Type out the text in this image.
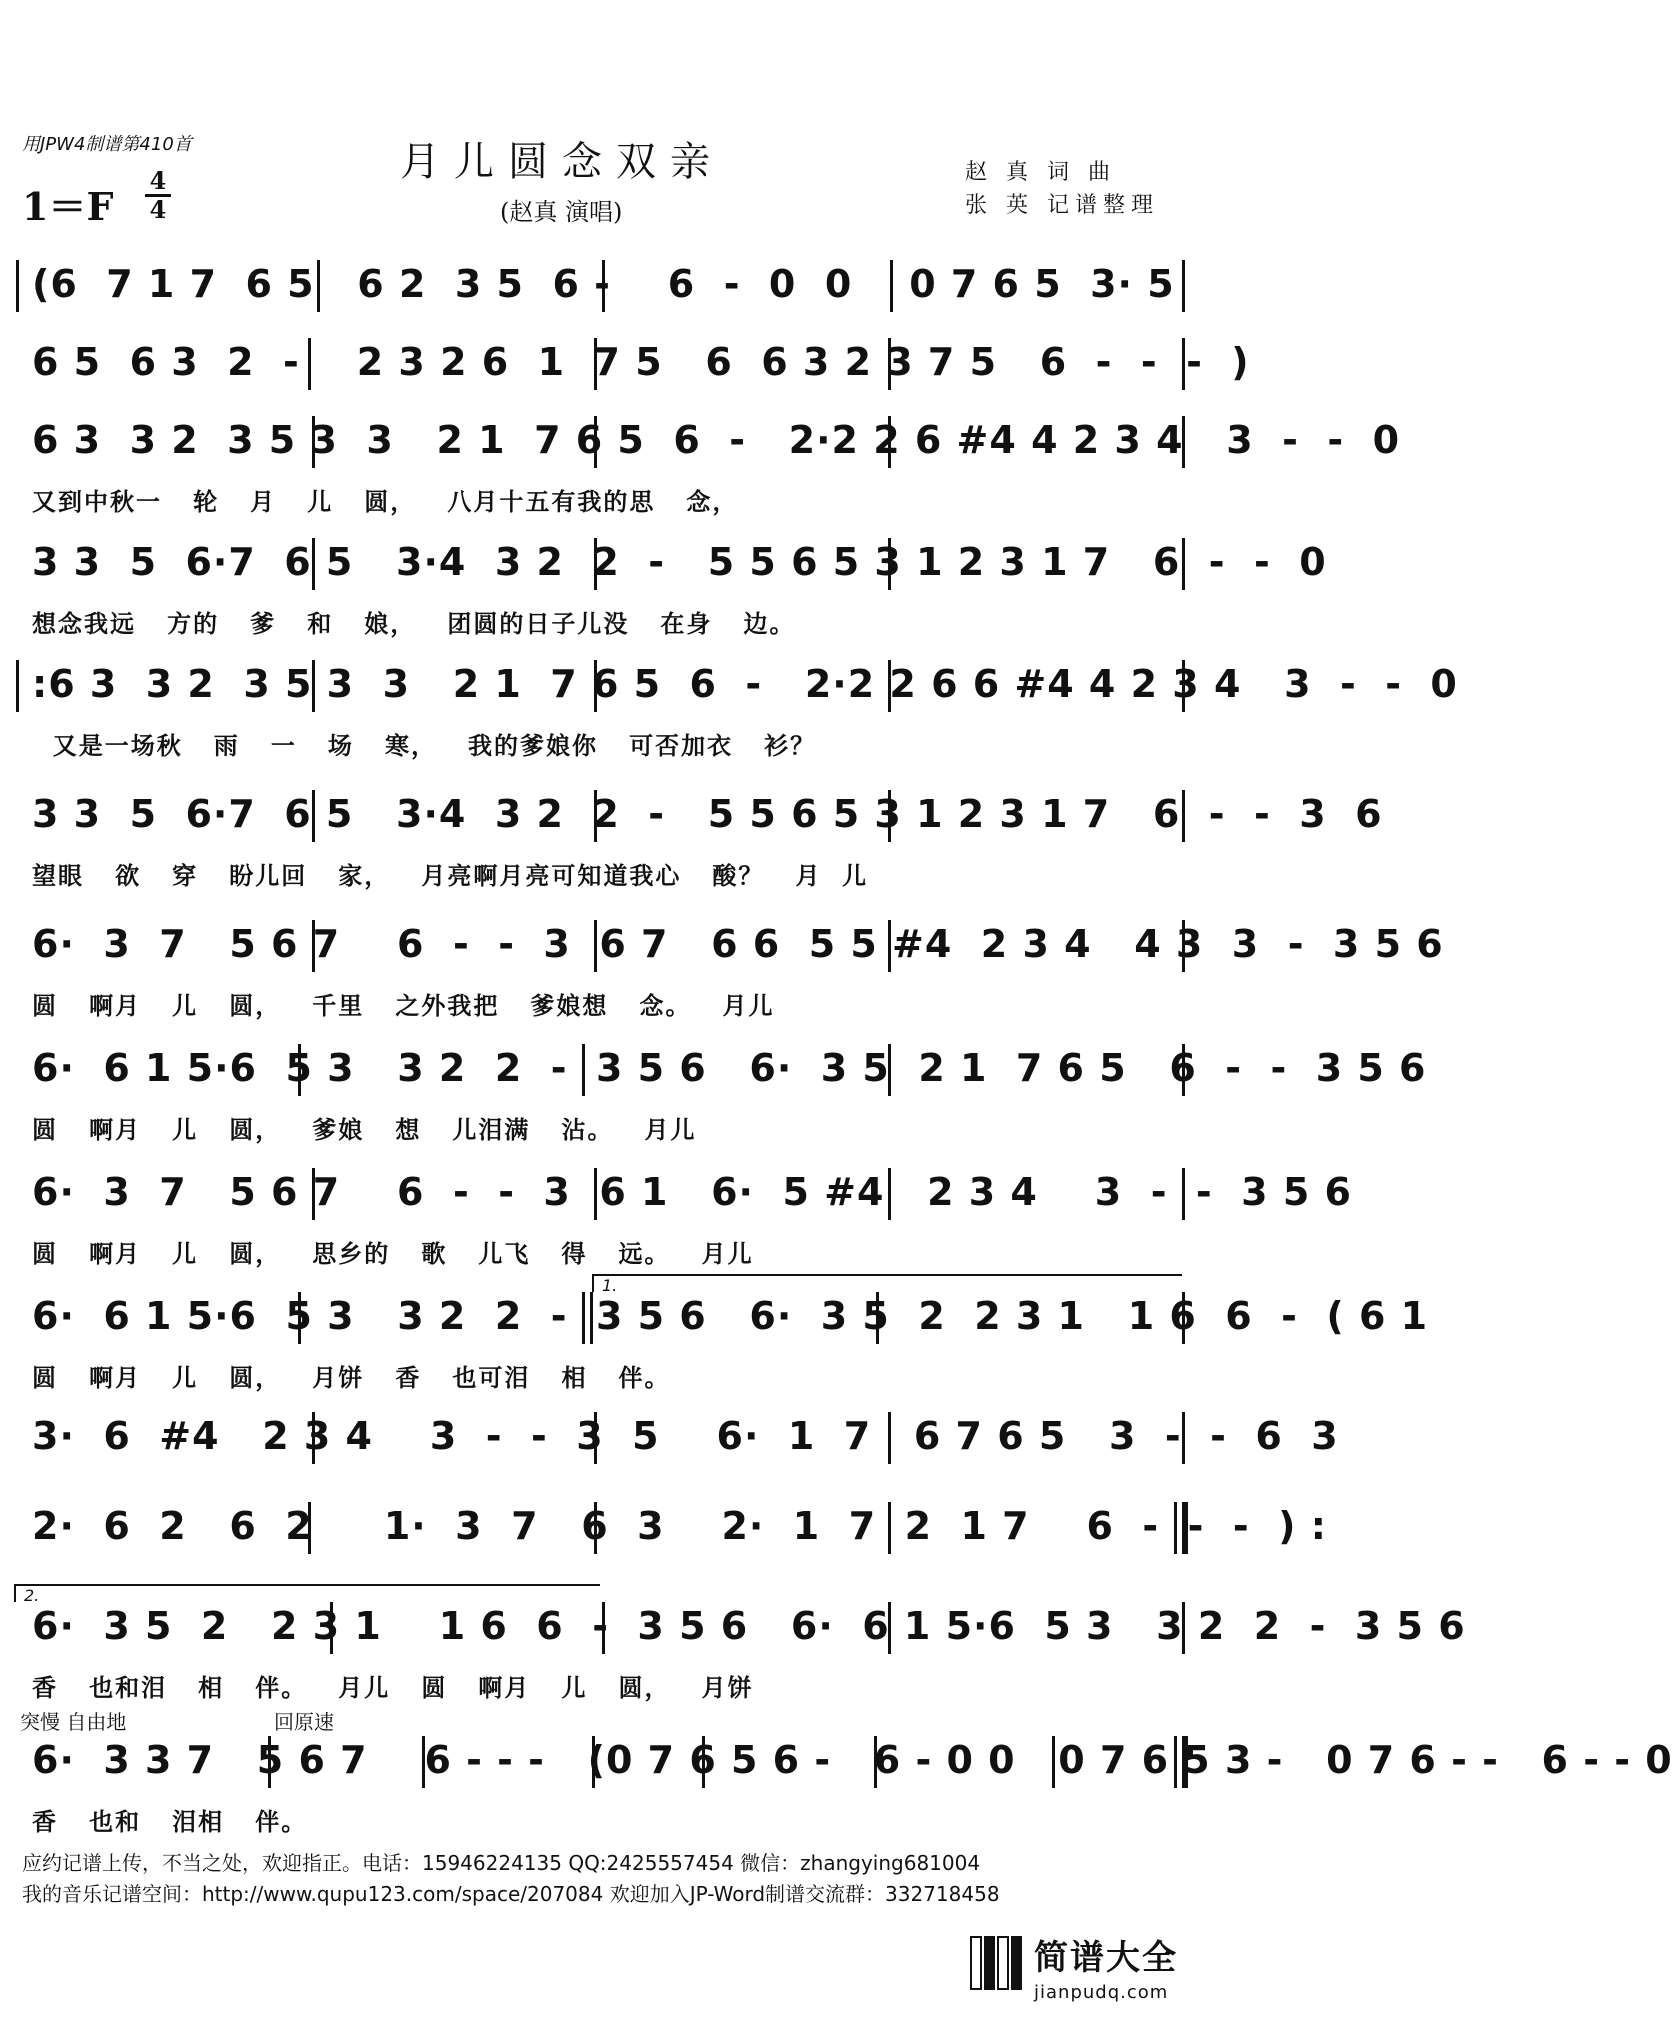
用JPW4制谱第410首	月儿圆念双亲
(赵真 演唱)
赵 真 词 曲
张 英 记谱整理
1＝F
4
4
(6  7 1 7  6 5   6 2  3 5  6 -    6  -  0  0    0 7 6 5  3· 5
6 5  6 3  2  -    2 3 2 6  1  7 5   6  6 3 2 3 7 5   6  -  -  -  )
6 3  3 2  3 5 3  3   2 1  7 6 5  6  -   2·2 2 6 #4 4 2 3 4   3  -  -  0
又到中秋一   轮   月   儿   圆，   八月十五有我的思   念，
3 3  5  6·7  6 5   3·4  3 2  2  -   5 5 6 5 3 1 2 3 1 7   6  -  -  0
想念我远   方的   爹   和   娘，   团圆的日子儿没   在身   边。
:6 3  3 2  3 5 3  3   2 1  7 6 5  6  -   2·2 2 6 6 #4 4 2 3 4   3  -  -  0
又是一场秋   雨   一   场   寒，   我的爹娘你   可否加衣   衫？
3 3  5  6·7  6 5   3·4  3 2  2  -   5 5 6 5 3 1 2 3 1 7   6  -  -  3  6
望眼   欲   穿   盼儿回   家，   月亮啊月亮可知道我心   酸？   月  儿
6·  3  7   5 6 7    6  -  -  3  6 7   6 6  5 5 #4  2 3 4   4 3  3  -  3 5 6
圆   啊月   儿   圆，   千里   之外我把   爹娘想   念。   月儿
6·  6 1 5·6  5 3   3 2  2  -  3 5 6   6·  3 5  2 1  7 6 5   6  -  -  3 5 6
圆   啊月   儿   圆，   爹娘   想   儿泪满   沾。   月儿
6·  3  7   5 6 7    6  -  -  3  6 1   6·  5 #4   2 3 4    3  -  -  3 5 6
圆   啊月   儿   圆，   思乡的   歌   儿飞   得   远。   月儿
1.
6·  6 1 5·6  5 3   3 2  2  -  3 5 6   6·  3 5  2  2 3 1   1 6  6  -  ( 6 1
圆   啊月   儿   圆，   月饼   香   也可泪   相   伴。
3·  6  #4   2 3 4    3  -  -  3  5    6·  1  7   6 7 6 5   3  -  -  6  3
2·  6  2   6  2     1·  3  7   6  3    2·  1  7  2  1 7    6  -  -  -  ) :
2.
6·  3 5  2   2 3 1    1 6  6  -  3 5 6   6·  6 1 5·6  5 3   3 2  2  -  3 5 6
香   也和泪   相   伴。   月儿   圆   啊月   儿   圆，   月饼
突慢 自由地	回原速
6·  3 3 7   5 6 7    6 - - -   (0 7 6 5 6 -   6 - 0 0   0 7 6 5 3 -   0 7 6 - -   6 - - 0
香   也和   泪相   伴。
应约记谱上传，不当之处，欢迎指正。电话：15946224135 QQ:2425557454 微信：zhangying681004
我的音乐记谱空间：http://www.qupu123.com/space/207084 欢迎加入JP-Word制谱交流群：332718458
简谱大全
jianpudq.com
